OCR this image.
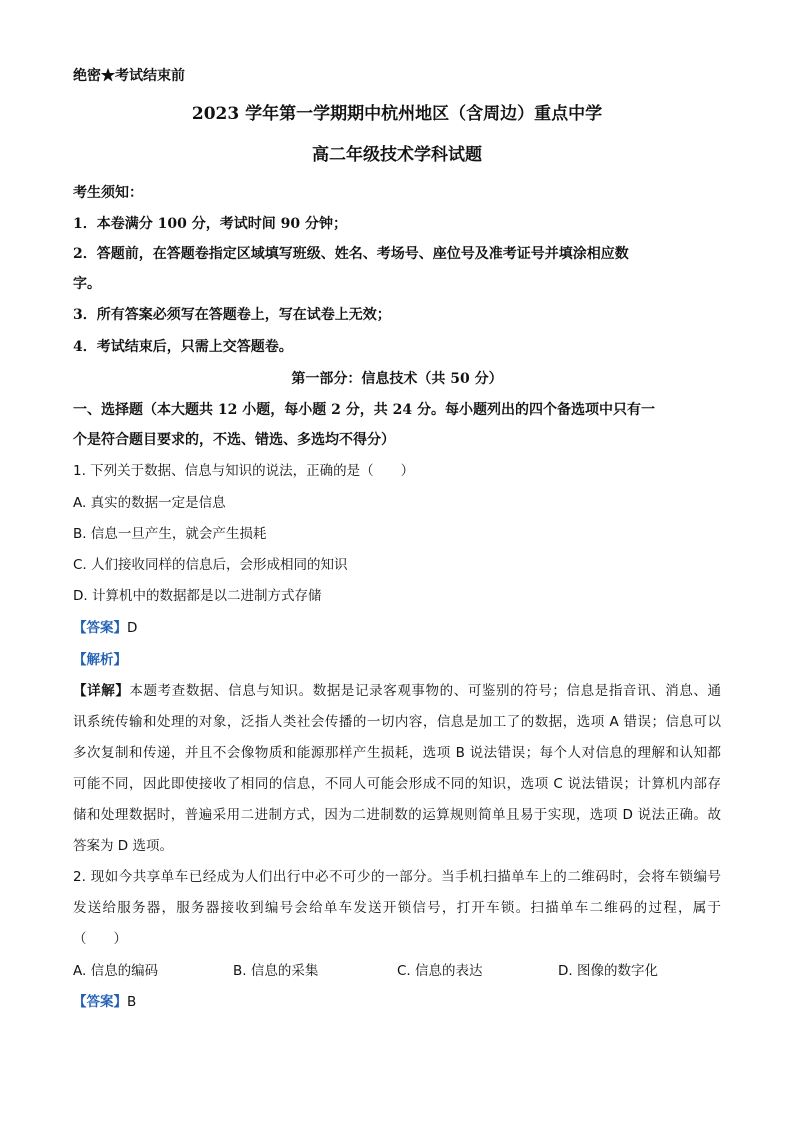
绝密★考试结束前
2023 学年第一学期期中杭州地区（含周边）重点中学
高二年级技术学科试题
考生须知：
1．本卷满分 100 分，考试时间 90 分钟；
2．答题前，在答题卷指定区域填写班级、姓名、考场号、座位号及准考证号并填涂相应数
字。
3．所有答案必须写在答题卷上，写在试卷上无效；
4．考试结束后，只需上交答题卷。
第一部分：信息技术（共 50 分）
一、选择题（本大题共 12 小题，每小题 2 分，共 24 分。每小题列出的四个备选项中只有一
个是符合题目要求的，不选、错选、多选均不得分）
1. 下列关于数据、信息与知识的说法，正确的是（　　）
A. 真实的数据一定是信息
B. 信息一旦产生，就会产生损耗
C. 人们接收同样的信息后，会形成相同的知识
D. 计算机中的数据都是以二进制方式存储
【答案】D
【解析】
【详解】本题考查数据、信息与知识。数据是记录客观事物的、可鉴别的符号；信息是指音讯、消息、通
讯系统传输和处理的对象，泛指人类社会传播的一切内容，信息是加工了的数据，选项 A 错误；信息可以
多次复制和传递，并且不会像物质和能源那样产生损耗，选项 B 说法错误；每个人对信息的理解和认知都
可能不同，因此即使接收了相同的信息，不同人可能会形成不同的知识，选项 C 说法错误；计算机内部存
储和处理数据时，普遍采用二进制方式，因为二进制数的运算规则简单且易于实现，选项 D 说法正确。故
答案为 D 选项。
2. 现如今共享单车已经成为人们出行中必不可少的一部分。当手机扫描单车上的二维码时，会将车锁编号
发送给服务器，服务器接收到编号会给单车发送开锁信号，打开车锁。扫描单车二维码的过程，属于
（　　）
A. 信息的编码	B. 信息的采集	C. 信息的表达	D. 图像的数字化
【答案】B
